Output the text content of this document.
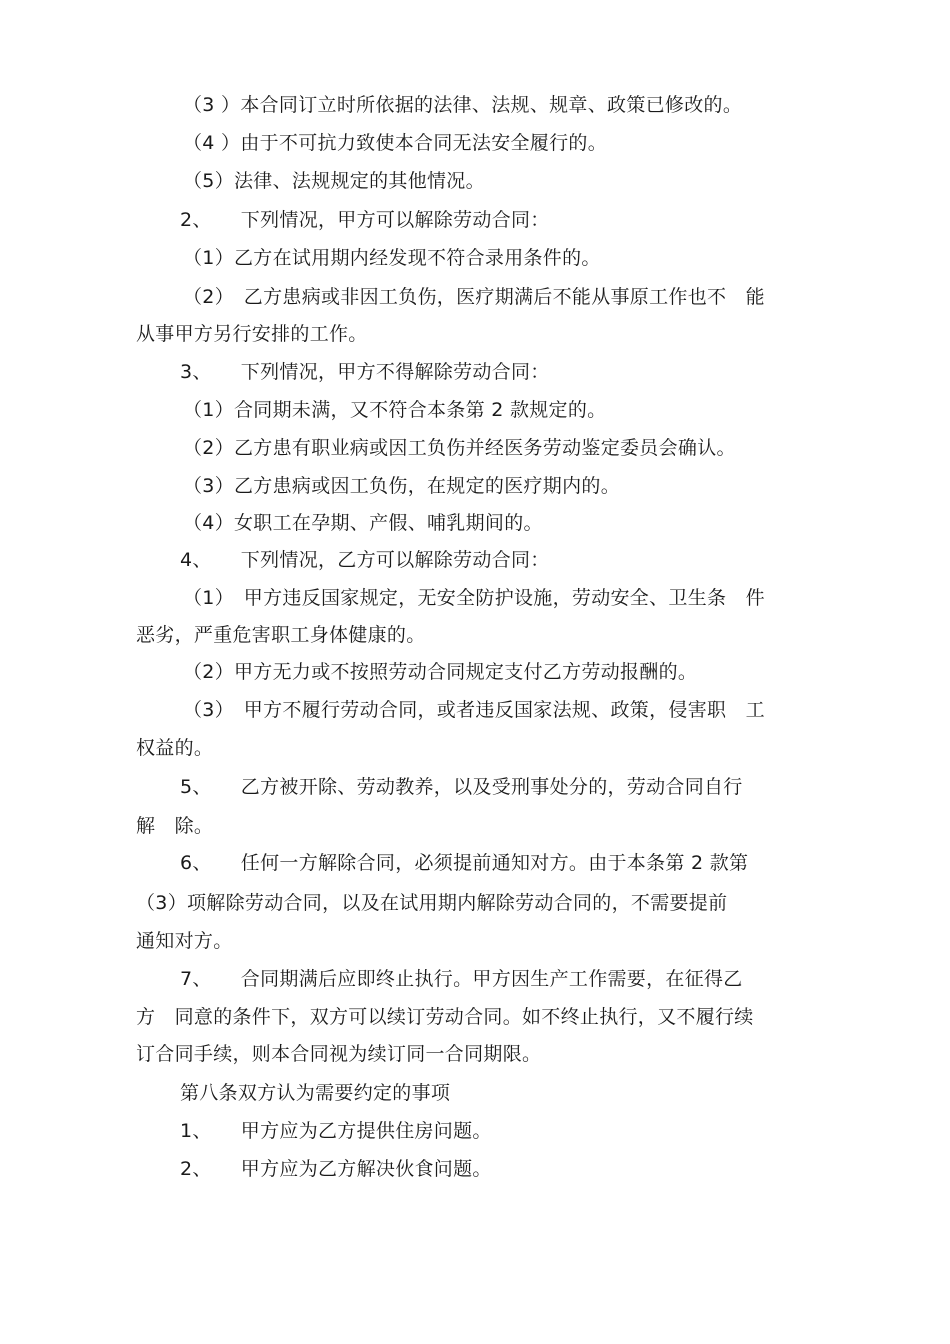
（3 ）本合同订立时所依据的法律、法规、规章、政策已修改的。
（4 ）由于不可抗力致使本合同无法安全履行的。
（5）法律、法规规定的其他情况。
2、　　下列情况，甲方可以解除劳动合同：
（1）乙方在试用期内经发现不符合录用条件的。
（2）　乙方患病或非因工负伤，医疗期满后不能从事原工作也不　能
从事甲方另行安排的工作。
3、　　下列情况，甲方不得解除劳动合同：
（1）合同期未满，又不符合本条第 2 款规定的。
（2）乙方患有职业病或因工负伤并经医务劳动鉴定委员会确认。
（3）乙方患病或因工负伤，在规定的医疗期内的。
（4）女职工在孕期、产假、哺乳期间的。
4、　　下列情况，乙方可以解除劳动合同：
（1）　甲方违反国家规定，无安全防护设施，劳动安全、卫生条　件
恶劣，严重危害职工身体健康的。
（2）甲方无力或不按照劳动合同规定支付乙方劳动报酬的。
（3）　甲方不履行劳动合同，或者违反国家法规、政策，侵害职　工
权益的。
5、　　乙方被开除、劳动教养，以及受刑事处分的，劳动合同自行
解　除。
6、　　任何一方解除合同，必须提前通知对方。由于本条第 2 款第
（3）项解除劳动合同，以及在试用期内解除劳动合同的，不需要提前
通知对方。
7、　　合同期满后应即终止执行。甲方因生产工作需要，在征得乙
方　同意的条件下，双方可以续订劳动合同。如不终止执行，又不履行续
订合同手续，则本合同视为续订同一合同期限。
第八条双方认为需要约定的事项
1、　　甲方应为乙方提供住房问题。
2、　　甲方应为乙方解决伙食问题。
